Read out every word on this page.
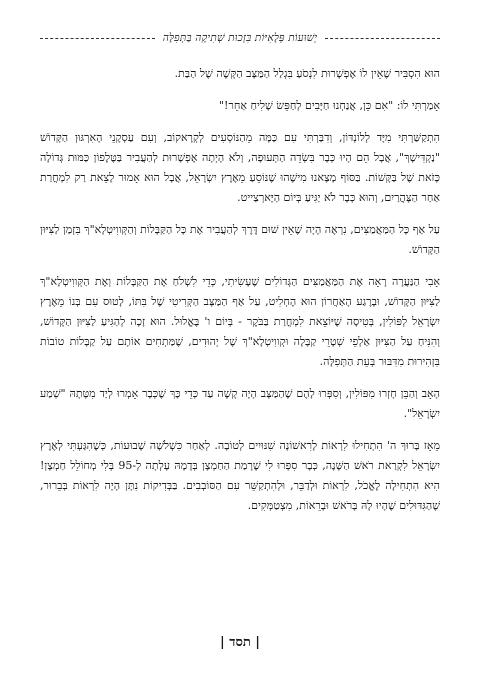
יְשׁוּעוֹת פְּלָאִיּוֹת בִּזְכוּת שְׁתִיקָה בַּתְּפִלָּה

הוּא הִסְבִּיר שֶׁאֵין לוֹ אֶפְשָׁרוּת לִנְסֹעַ בִּגְלַל הַמַּצָּב הַקָּשֶׁה שֶׁל הַבַּת.

אָמַרְתִּי לוֹ: "אִם כֵּן, אֲנַחְנוּ חַיָּבִים לְחַפֵּשׂ שָׁלִיחַ אַחֵר!"

הִתְקַשַּׁרְתִּי מִיָּד לְלוֹנְדּוֹן, וְדִבַּרְתִּי עִם כַּמָּה מֵהַנּוֹסְעִים לְקְרָאקוֹב, וְעִם עַסְקָנֵי הָאִרְגּוּן הַקָּדוֹשׁ "נַקְדִּישָׁךְ", אֲבָל הֵם הָיוּ כְּבָר בִּשְׂדֵה הַתְּעוּפָה, וְלֹא הָיְתָה אֶפְשָׁרוּת לְהַעֲבִיר בַּטֶּלֶפוֹן כַּמּוּת גְּדוֹלָה כָּזֹאת שֶׁל בַּקָּשׁוֹת. בַּסּוֹף מָצָאנוּ מִישֶׁהוּ שֶׁנּוֹסֵעַ מֵאֶרֶץ יִשְׂרָאֵל, אֲבָל הוּא אָמוּר לָצֵאת רַק לִמְחֳרַת אַחַר הַצָּהֳרַיִם, וְהוּא כְּבָר לֹא יַגִּיעַ בְּיוֹם הַיָּארְצַייט.

עַל אַף כָּל הַמַּאֲמַצִּים, נִרְאֶה הָיָה שֶׁאֵין שׁוּם דֶּרֶךְ לְהַעֲבִיר אֶת כָּל הַקַּבָּלוֹת וְהַקְּווִיטְלָא"ךְ בִּזְמַן לַצִּיּוּן הַקָּדוֹשׁ.

אָבִי הַנַּעֲרָה רָאָה אֶת הַמַּאֲמַצִּים הַגְּדוֹלִים שֶׁעָשִׂיתִי, כְּדֵי לִשְׁלֹחַ אֶת הַקַּבָּלוֹת וְאֶת הַקְּווִיטְלָא"ךְ לַצִּיּוּן הַקָּדוֹשׁ, וּבָרֶגַע הָאַחֲרוֹן הוּא הֶחְלִיט, עַל אַף הַמַּצָּב הַקְּרִיטִי שֶׁל בִּתּוֹ, לָטוּס עִם בְּנוֹ מֵאֶרֶץ יִשְׂרָאֵל לְפּוֹלִין, בְּטִיסָה שֶׁיּוֹצֵאת לִמְחֳרַת בַּבֹּקֶר - בְּיוֹם ו' בֶּאֱלוּל. הוּא זָכָה לְהַגִּיעַ לַצִּיּוּן הַקָּדוֹשׁ, וְהִנִּיחַ עַל הַצִּיּוּן אַלְפֵי שְׁטָרֵי קַבָּלָה וּקְווִיטְלָא"ךְ שֶׁל יְהוּדִים, שֶׁמַּתְחִים אוֹתָם עַל קַבָּלוֹת טוֹבוֹת בִּזְהִירוּת מִדִּבּוּר בְּעֵת הַתְּפִלָּה.

הָאָב וְהַבֵּן חָזְרוּ מִפּוֹלִין, וְסִפְּרוּ לָהֶם שֶׁהַמַּצָּב הָיָה קָשֶׁה עַד כְּדֵי כָּךְ שֶׁכְּבָר אָמְרוּ לְיַד מִטָּתָהּ "שְׁמַע יִשְׂרָאֵל".

מֵאָז בָּרוּךְ ה' הִתְחִילוּ לִרְאוֹת לָרִאשׁוֹנָה שִׁנּוּיִים לְטוֹבָה. לְאַחַר כִּשְׁלֹשָׁה שָׁבוּעוֹת, כְּשֶׁהִגַּעְתִּי לְאֶרֶץ יִשְׂרָאֵל לִקְרַאת רֹאשׁ הַשָּׁנָה, כְּבָר סִפְּרוּ לִי שֶׁרָמַת הַחַמְצָן בְּדָמָהּ עָלְתָה לְ-95 בְּלִי מְחוֹלֵל חַמְצָן! הִיא הִתְחִילָה לֶאֱכֹל, לִרְאוֹת וּלְדַבֵּר, וּלְהִתְקַשֵּׁר עִם הַסּוֹבְבִים. בַּבְּדִיקוֹת נִתָּן הָיָה לִרְאוֹת בְּבֵרוּר, שֶׁהַגִּדּוּלִים שֶׁהָיוּ לָהּ בָּרֹאשׁ וּבָרֵאוֹת, מִצְטַמְּקִים.

| תסד |
